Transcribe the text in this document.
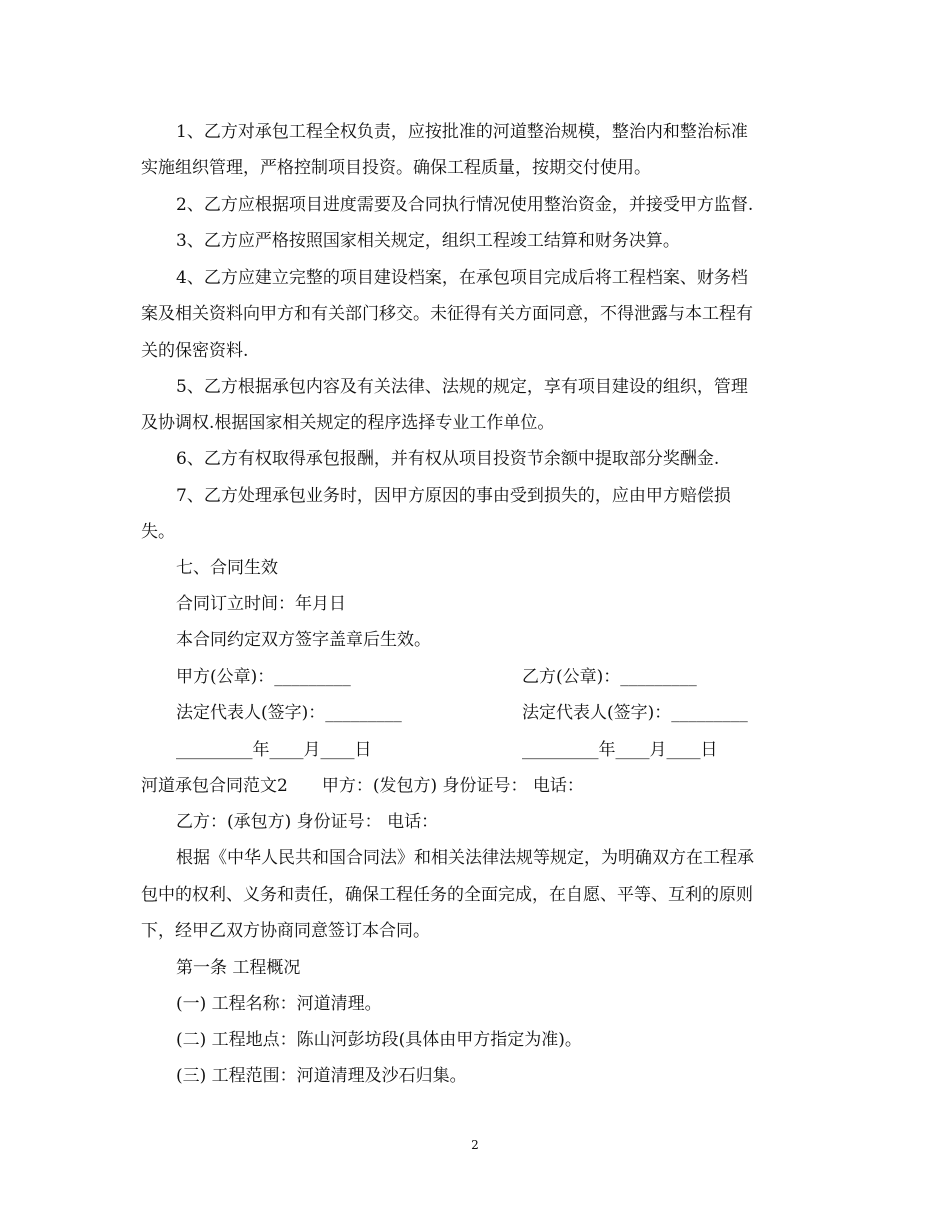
1、乙方对承包工程全权负责，应按批准的河道整治规模，整治内和整治标准
实施组织管理，严格控制项目投资。确保工程质量，按期交付使用。
2、乙方应根据项目进度需要及合同执行情况使用整治资金，并接受甲方监督.
3、乙方应严格按照国家相关规定，组织工程竣工结算和财务决算。
4、乙方应建立完整的项目建设档案，在承包项目完成后将工程档案、财务档
案及相关资料向甲方和有关部门移交。未征得有关方面同意，不得泄露与本工程有
关的保密资料.
5、乙方根据承包内容及有关法律、法规的规定，享有项目建设的组织，管理
及协调权.根据国家相关规定的程序选择专业工作单位。
6、乙方有权取得承包报酬，并有权从项目投资节余额中提取部分奖酬金.
7、乙方处理承包业务时，因甲方原因的事由受到损失的，应由甲方赔偿损
失。
七、合同生效
合同订立时间：年月日
本合同约定双方签字盖章后生效。
甲方(公章)：_________	乙方(公章)：_________
法定代表人(签字)：_________	法定代表人(签字)：_________
_________年____月____日	_________年____月____日
河道承包合同范文2　　甲方：(发包方) 身份证号： 电话：
乙方：(承包方) 身份证号： 电话：
根据《中华人民共和国合同法》和相关法律法规等规定，为明确双方在工程承
包中的权利、义务和责任，确保工程任务的全面完成，在自愿、平等、互利的原则
下，经甲乙双方协商同意签订本合同。
第一条 工程概况
(一) 工程名称：河道清理。
(二) 工程地点：陈山河彭坊段(具体由甲方指定为准)。
(三) 工程范围：河道清理及沙石归集。
2
